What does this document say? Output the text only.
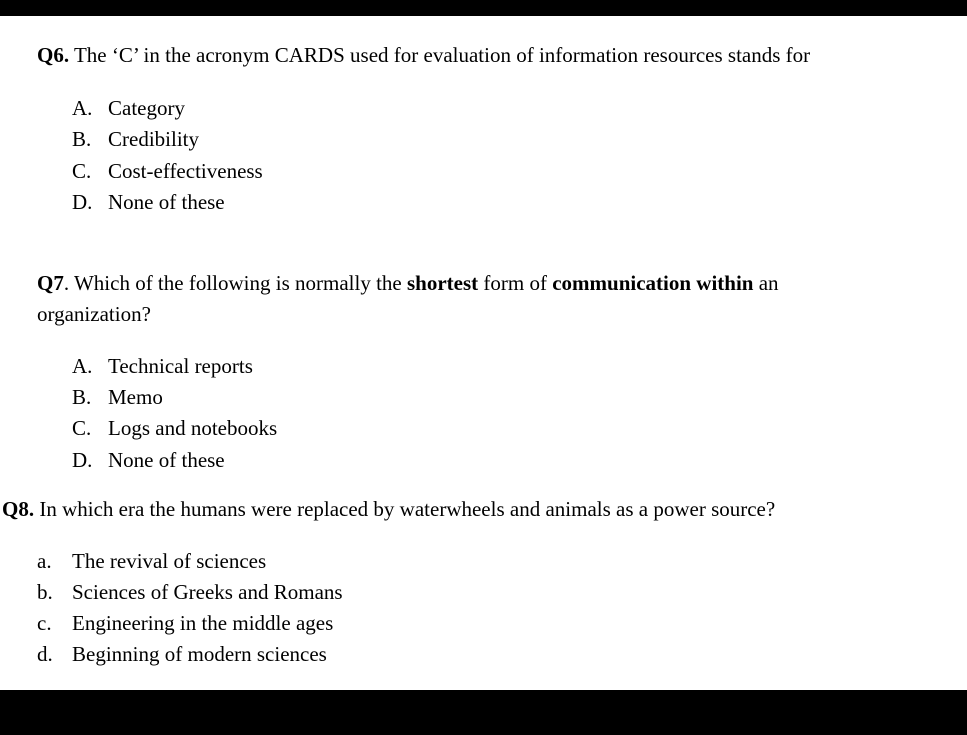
Q6. The ‘C’ in the acronym CARDS used for evaluation of information resources stands for
A. Category
B. Credibility
C. Cost-effectiveness
D. None of these
Q7. Which of the following is normally the shortest form of communication within an
organization?
A. Technical reports
B. Memo
C. Logs and notebooks
D. None of these
Q8. In which era the humans were replaced by waterwheels and animals as a power source?
a. The revival of sciences
b. Sciences of Greeks and Romans
c. Engineering in the middle ages
d. Beginning of modern sciences
